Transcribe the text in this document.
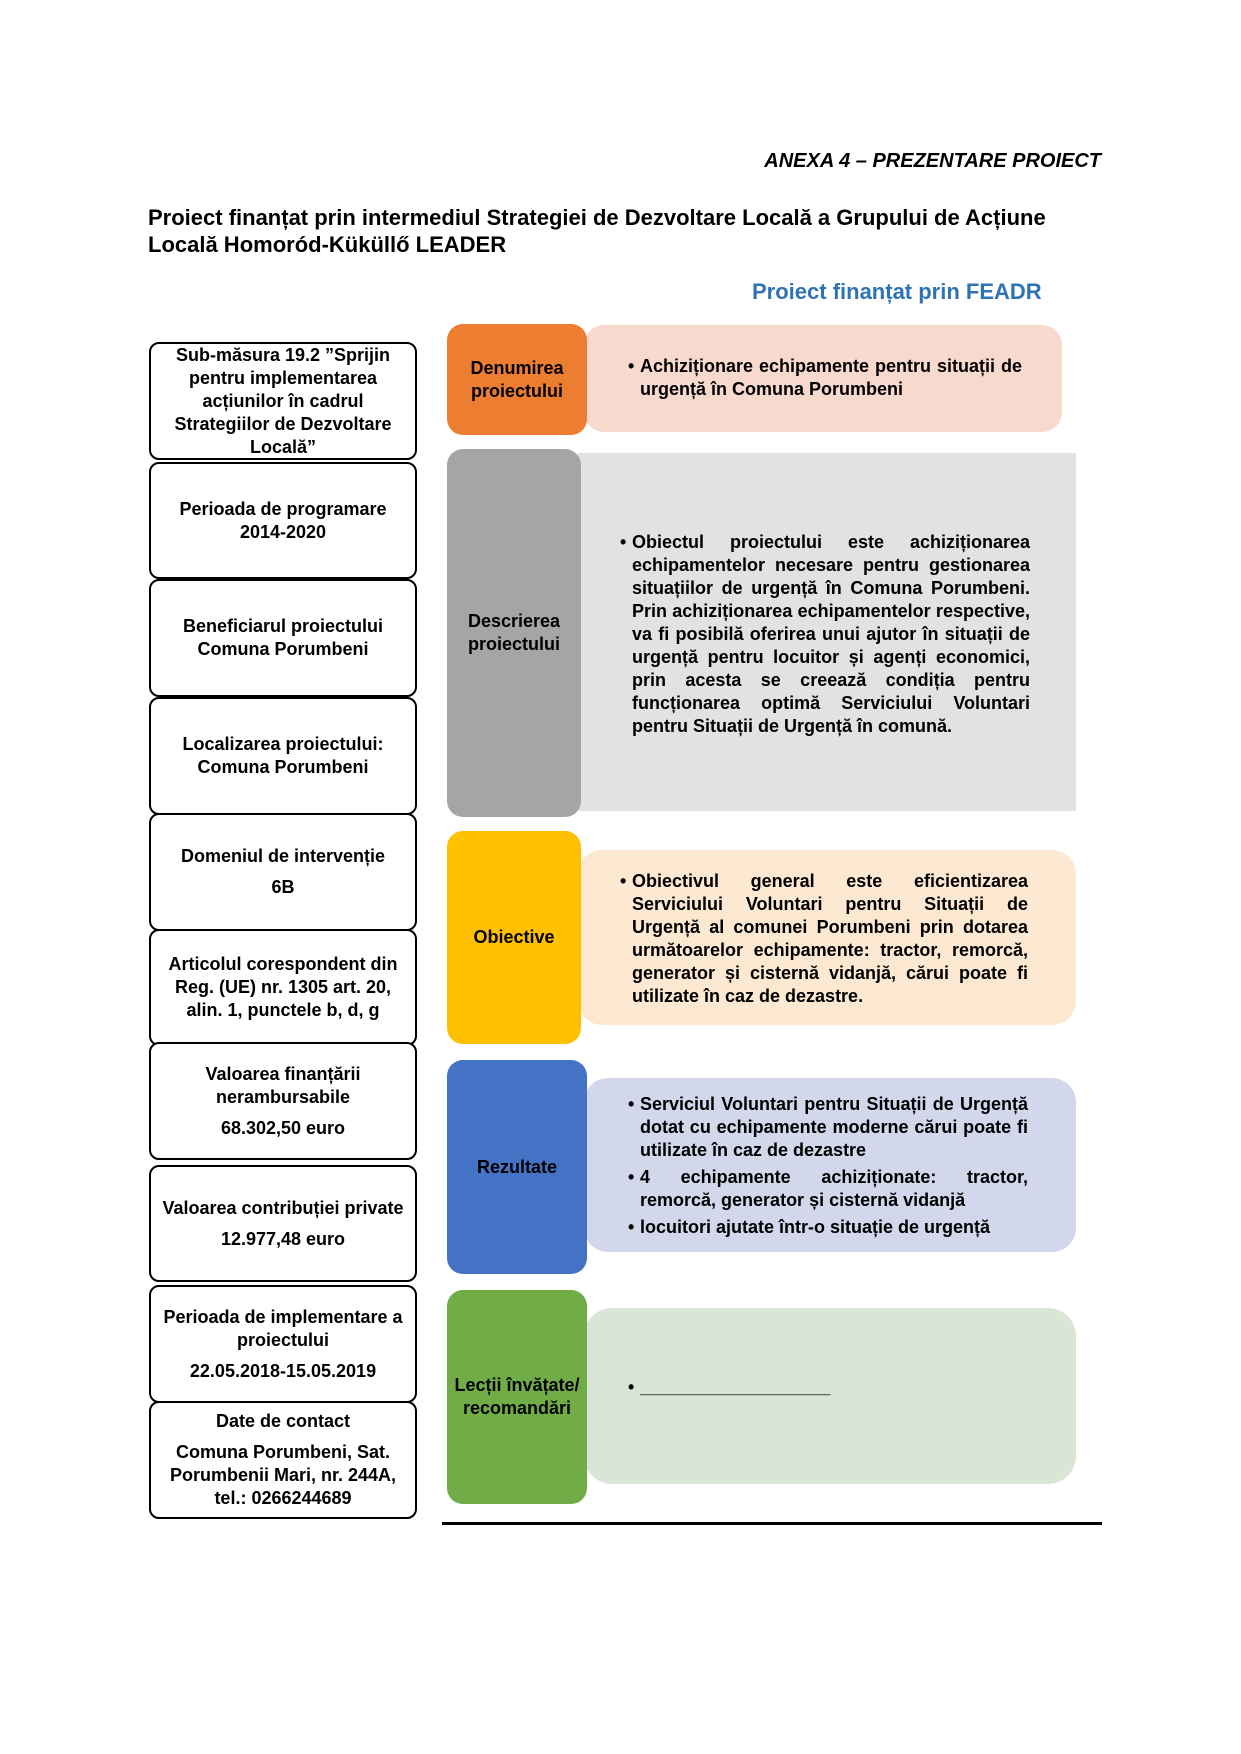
ANEXA 4 – PREZENTARE PROIECT
Proiect finanțat prin intermediul Strategiei de Dezvoltare Locală a Grupului de Acțiune Locală Homoród-Küküllő LEADER
Proiect finanțat prin FEADR
Sub-măsura 19.2 ”Sprijin pentru implementarea acțiunilor în cadrul Strategiilor de Dezvoltare Locală”
Perioada de programare 2014-2020
Beneficiarul proiectului Comuna Porumbeni
Localizarea proiectului: Comuna Porumbeni
Domeniul de intervenție
6B
Articolul corespondent din Reg. (UE) nr. 1305 art. 20, alin. 1, punctele b, d, g
Valoarea finanțării nerambursabile
68.302,50 euro
Valoarea contribuției private
12.977,48 euro
Perioada de implementare a proiectului
22.05.2018-15.05.2019
Date de contact
Comuna Porumbeni, Sat. Porumbenii Mari, nr. 244A, tel.: 0266244689
• Achiziționare echipamente pentru situații de urgență în Comuna Porumbeni
Denumirea proiectului
• Obiectul proiectului este achiziționarea echipamentelor necesare pentru gestionarea situațiilor de urgență în Comuna Porumbeni. Prin achiziționarea echipamentelor respective, va fi posibilă oferirea unui ajutor în situații de urgență pentru locuitor și agenți economici, prin acesta se creează condiția pentru funcționarea optimă Serviciului Voluntari pentru Situații de Urgență în comună.
Descrierea proiectului
• Obiectivul general este eficientizarea Serviciului Voluntari pentru Situații de Urgență al comunei Porumbeni prin dotarea următoarelor echipamente: tractor, remorcă, generator și cisternă vidanjă, cărui poate fi utilizate în caz de dezastre.
Obiective
• Serviciul Voluntari pentru Situații de Urgență dotat cu echipamente moderne cărui poate fi utilizate în caz de dezastre
• 4 echipamente achiziționate: tractor, remorcă, generator și cisternă vidanjă
• locuitori ajutate într-o situație de urgență
Rezultate
• ___________________
Lecții învățate/ recomandări
